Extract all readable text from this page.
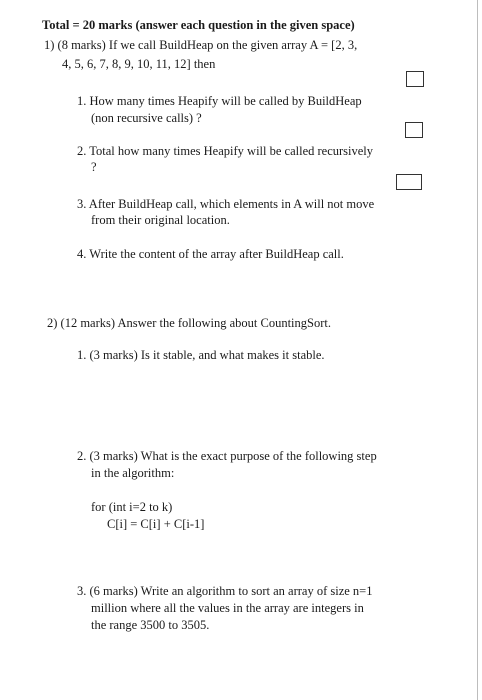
Total = 20 marks (answer each question in the given space)
1) (8 marks) If we call BuildHeap on the given array A = [2, 3,
4, 5, 6, 7, 8, 9, 10, 11, 12] then
1. How many times Heapify will be called by BuildHeap
(non recursive calls) ?
2. Total how many times Heapify will be called recursively
?
3. After BuildHeap call, which elements in A will not move
from their original location.
4. Write the content of the array after BuildHeap call.
2) (12 marks) Answer the following about CountingSort.
1. (3 marks) Is it stable, and what makes it stable.
2. (3 marks) What is the exact purpose of the following step
in the algorithm:
for (int i=2 to k)
C[i] = C[i] + C[i-1]
3. (6 marks) Write an algorithm to sort an array of size n=1
million where all the values in the array are integers in
the range 3500 to 3505.
